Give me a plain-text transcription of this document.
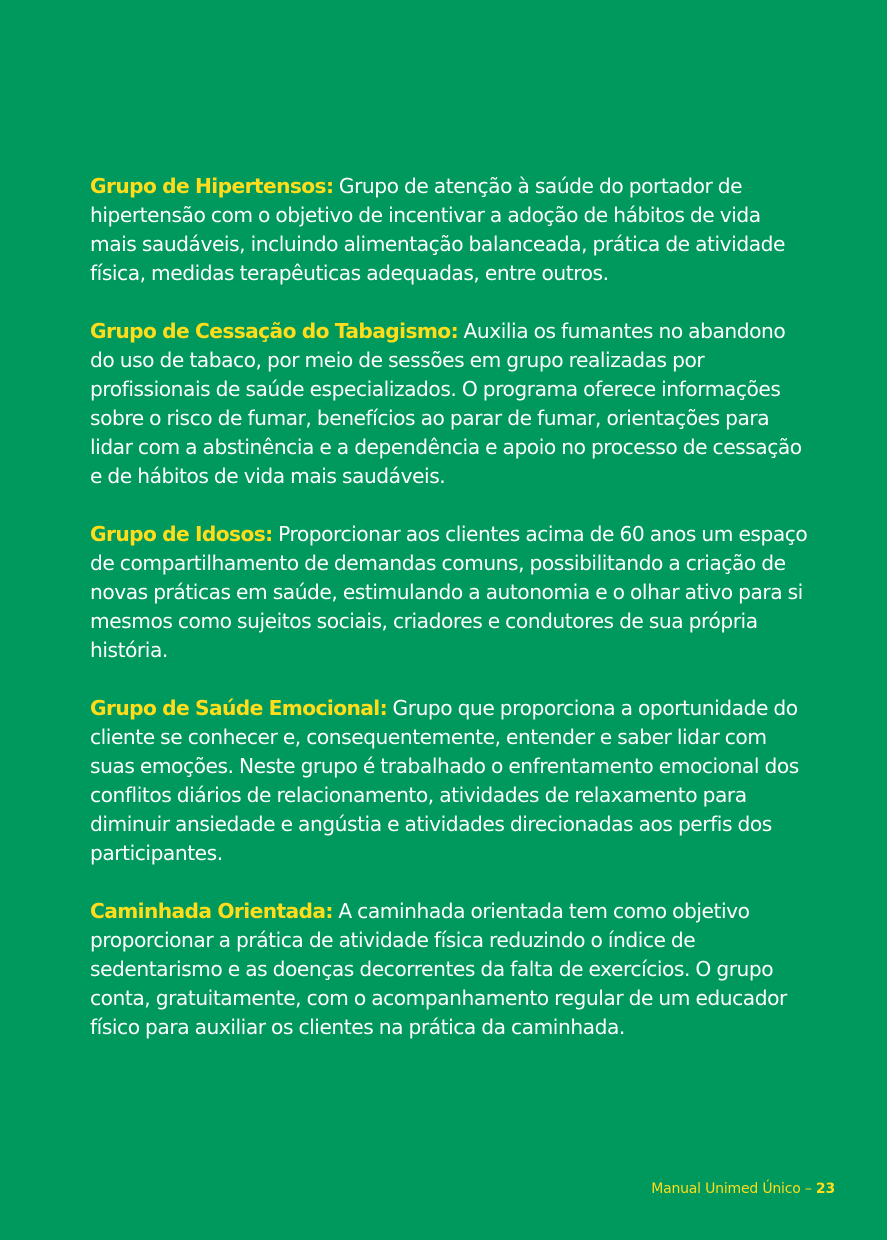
Grupo de Hipertensos: Grupo de atenção à saúde do portador de hipertensão com o objetivo de incentivar a adoção de hábitos de vida mais saudáveis, incluindo alimentação balanceada, prática de atividade física, medidas terapêuticas adequadas, entre outros.

Grupo de Cessação do Tabagismo: Auxilia os fumantes no abandono do uso de tabaco, por meio de sessões em grupo realizadas por profissionais de saúde especializados. O programa oferece informações sobre o risco de fumar, benefícios ao parar de fumar, orientações para lidar com a abstinência e a dependência e apoio no processo de cessação e de hábitos de vida mais saudáveis.

Grupo de Idosos: Proporcionar aos clientes acima de 60 anos um espaço de compartilhamento de demandas comuns, possibilitando a criação de novas práticas em saúde, estimulando a autonomia e o olhar ativo para si mesmos como sujeitos sociais, criadores e condutores de sua própria história.

Grupo de Saúde Emocional: Grupo que proporciona a oportunidade do cliente se conhecer e, consequentemente, entender e saber lidar com suas emoções. Neste grupo é trabalhado o enfrentamento emocional dos conflitos diários de relacionamento, atividades de relaxamento para diminuir ansiedade e angústia e atividades direcionadas aos perfis dos participantes.

Caminhada Orientada: A caminhada orientada tem como objetivo proporcionar a prática de atividade física reduzindo o índice de sedentarismo e as doenças decorrentes da falta de exercícios. O grupo conta, gratuitamente, com o acompanhamento regular de um educador físico para auxiliar os clientes na prática da caminhada.

Manual Unimed Único – 23
